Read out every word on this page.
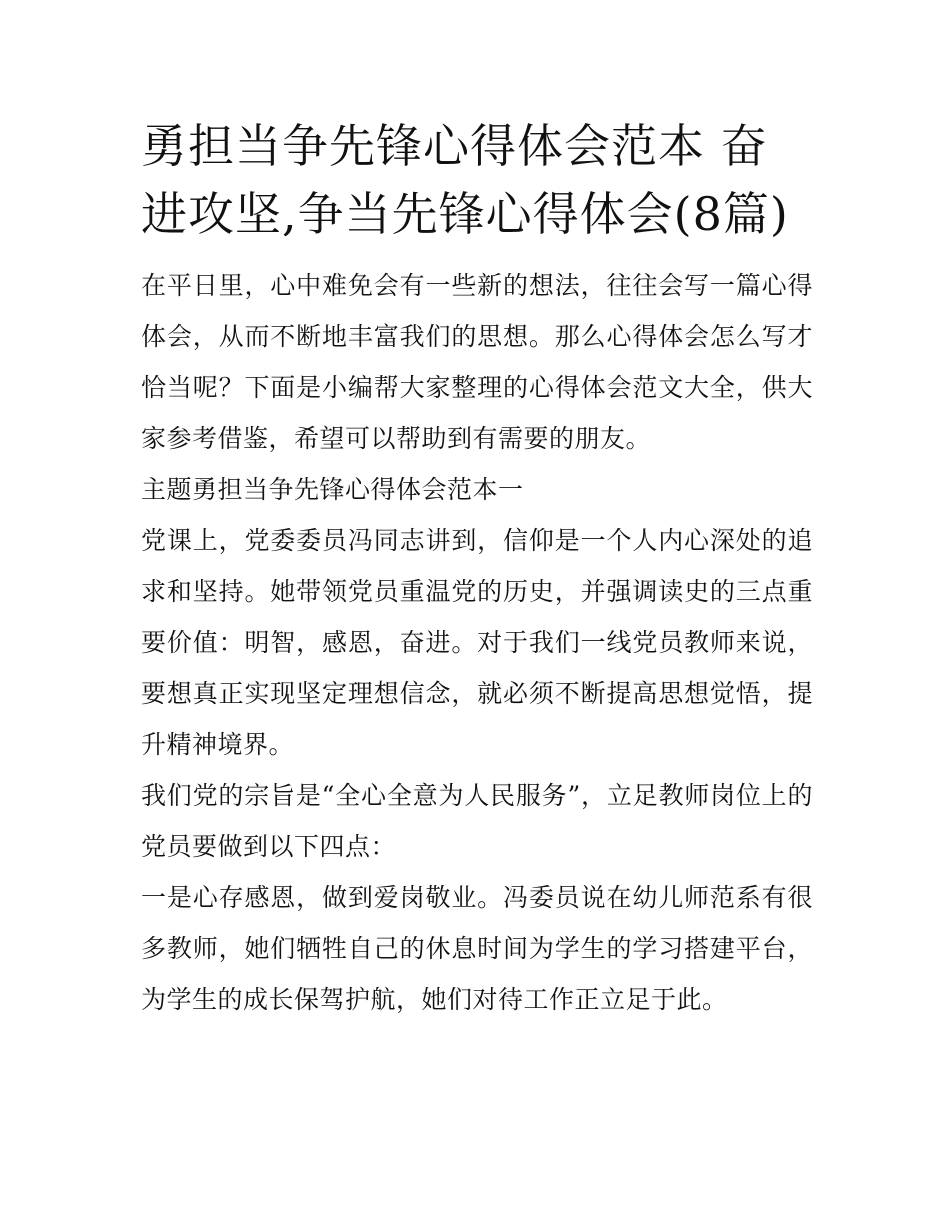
勇担当争先锋心得体会范本 奋进攻坚,争当先锋心得体会(8篇)

在平日里，心中难免会有一些新的想法，往往会写一篇心得体会，从而不断地丰富我们的思想。那么心得体会怎么写才恰当呢？下面是小编帮大家整理的心得体会范文大全，供大家参考借鉴，希望可以帮助到有需要的朋友。

主题勇担当争先锋心得体会范本一

党课上，党委委员冯同志讲到，信仰是一个人内心深处的追求和坚持。她带领党员重温党的历史，并强调读史的三点重要价值：明智，感恩，奋进。对于我们一线党员教师来说，要想真正实现坚定理想信念，就必须不断提高思想觉悟，提升精神境界。

我们党的宗旨是“全心全意为人民服务”，立足教师岗位上的党员要做到以下四点：

一是心存感恩，做到爱岗敬业。冯委员说在幼儿师范系有很多教师，她们牺牲自己的休息时间为学生的学习搭建平台，为学生的成长保驾护航，她们对待工作正立足于此。
